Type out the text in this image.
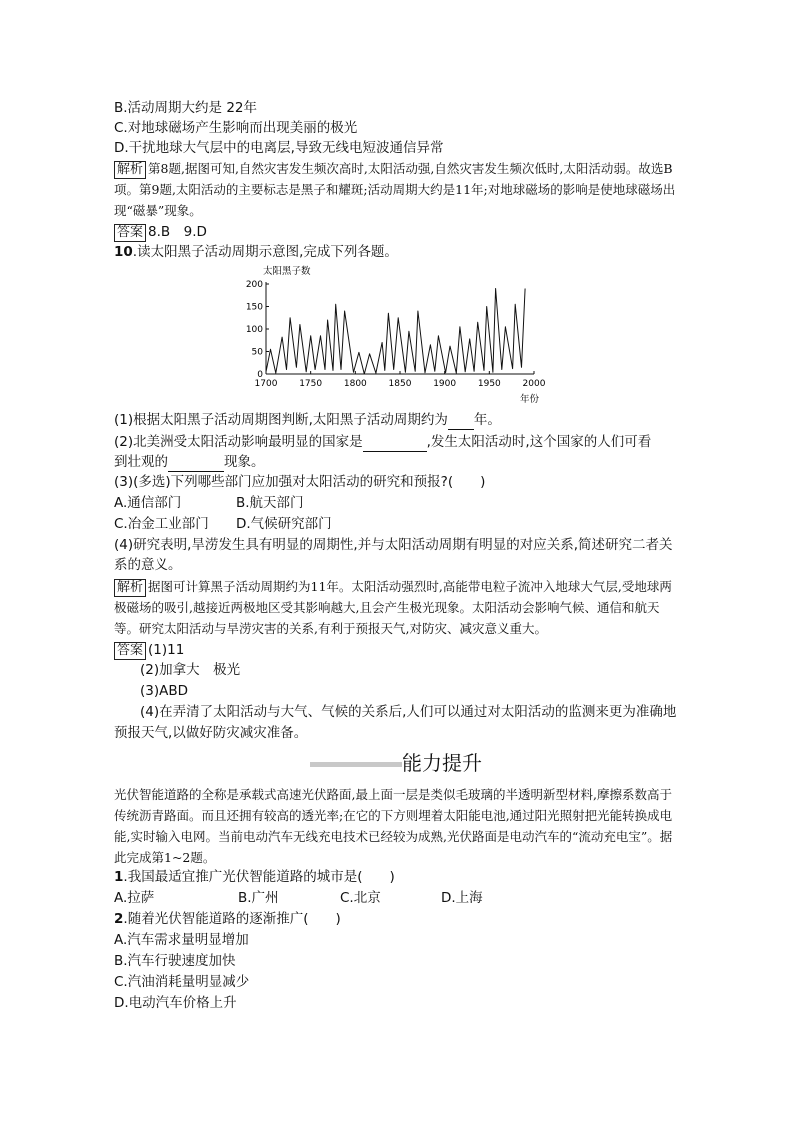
B.活动周期大约是 22年
C.对地球磁场产生影响而出现美丽的极光
D.干扰地球大气层中的电离层,导致无线电短波通信异常
解析 第8题,据图可知,自然灾害发生频次高时,太阳活动强,自然灾害发生频次低时,太阳活动弱。故选B项。第9题,太阳活动的主要标志是黑子和耀斑;活动周期大约是11年;对地球磁场的影响是使地球磁场出现“磁暴”现象。
答案 8.B　9.D
10.读太阳黑子活动周期示意图,完成下列各题。
太阳黑子数
年份
0
50
100
150
200
1700 1750 1800 1850 1900 1950 2000
(1)根据太阳黑子活动周期图判断,太阳黑子活动周期约为 年。
(2)北美洲受太阳活动影响最明显的国家是	,发生太阳活动时,这个国家的人们可看
到壮观的	现象。
(3)(多选)下列哪些部门应加强对太阳活动的研究和预报?(　　)
A.通信部门	B.航天部门
C.冶金工业部门 D.气候研究部门
(4)研究表明,旱涝发生具有明显的周期性,并与太阳活动周期有明显的对应关系,简述研究二者关系的意义。
解析 据图可计算黑子活动周期约为11年。太阳活动强烈时,高能带电粒子流冲入地球大气层,受地球两极磁场的吸引,越接近两极地区受其影响越大,且会产生极光现象。太阳活动会影响气候、通信和航天等。研究太阳活动与旱涝灾害的关系,有利于预报天气,对防灾、减灾意义重大。
答案 (1)11
(2)加拿大　极光
(3)ABD
(4)在弄清了太阳活动与大气、气候的关系后,人们可以通过对太阳活动的监测来更为准确地预报天气,以做好防灾减灾准备。
能力提升
光伏智能道路的全称是承载式高速光伏路面,最上面一层是类似毛玻璃的半透明新型材料,摩擦系数高于传统沥青路面。而且还拥有较高的透光率;在它的下方则埋着太阳能电池,通过阳光照射把光能转换成电能,实时输入电网。当前电动汽车无线充电技术已经较为成熟,光伏路面是电动汽车的“流动充电宝”。据此完成第1~2题。
1.我国最适宜推广光伏智能道路的城市是(　　)
A.拉萨	B.广州	C.北京	D.上海
2.随着光伏智能道路的逐渐推广(　　)
A.汽车需求量明显增加
B.汽车行驶速度加快
C.汽油消耗量明显减少
D.电动汽车价格上升
